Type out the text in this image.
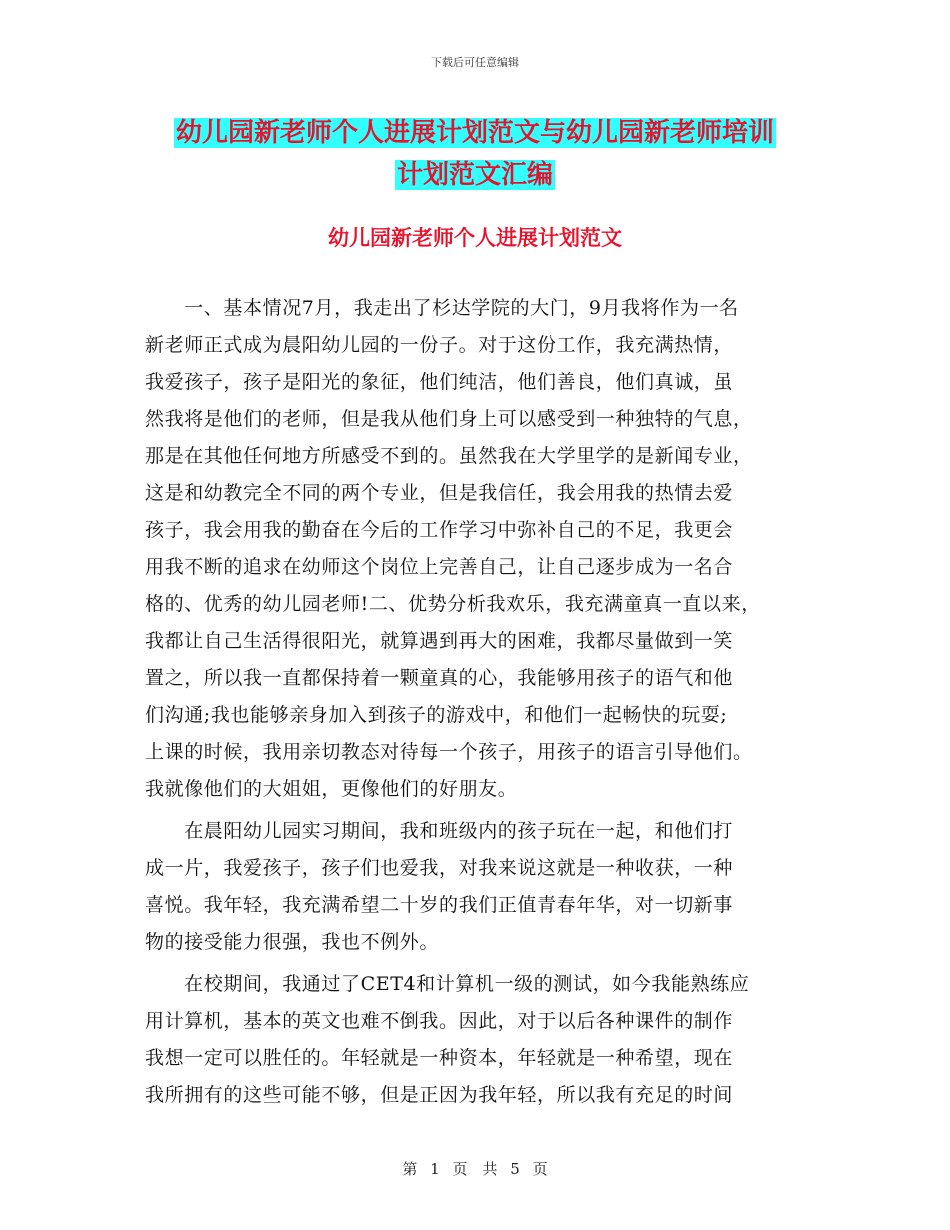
下载后可任意编辑
幼儿园新老师个人进展计划范文与幼儿园新老师培训
计划范文汇编
幼儿园新老师个人进展计划范文
　　一、基本情况7月，我走出了杉达学院的大门，9月我将作为一名
新老师正式成为晨阳幼儿园的一份子。对于这份工作，我充满热情，
我爱孩子，孩子是阳光的象征，他们纯洁，他们善良，他们真诚，虽
然我将是他们的老师，但是我从他们身上可以感受到一种独特的气息，
那是在其他任何地方所感受不到的。虽然我在大学里学的是新闻专业，
这是和幼教完全不同的两个专业，但是我信任，我会用我的热情去爱
孩子，我会用我的勤奋在今后的工作学习中弥补自己的不足，我更会
用我不断的追求在幼师这个岗位上完善自己，让自己逐步成为一名合
格的、优秀的幼儿园老师!二、优势分析我欢乐，我充满童真一直以来，
我都让自己生活得很阳光，就算遇到再大的困难，我都尽量做到一笑
置之，所以我一直都保持着一颗童真的心，我能够用孩子的语气和他
们沟通;我也能够亲身加入到孩子的游戏中，和他们一起畅快的玩耍;
上课的时候，我用亲切教态对待每一个孩子，用孩子的语言引导他们。
我就像他们的大姐姐，更像他们的好朋友。
　　在晨阳幼儿园实习期间，我和班级内的孩子玩在一起，和他们打
成一片，我爱孩子，孩子们也爱我，对我来说这就是一种收获，一种
喜悦。我年轻，我充满希望二十岁的我们正值青春年华，对一切新事
物的接受能力很强，我也不例外。
　　在校期间，我通过了CET4和计算机一级的测试，如今我能熟练应
用计算机，基本的英文也难不倒我。因此，对于以后各种课件的制作
我想一定可以胜任的。年轻就是一种资本，年轻就是一种希望，现在
我所拥有的这些可能不够，但是正因为我年轻，所以我有充足的时间
第 1 页　共 5 页
